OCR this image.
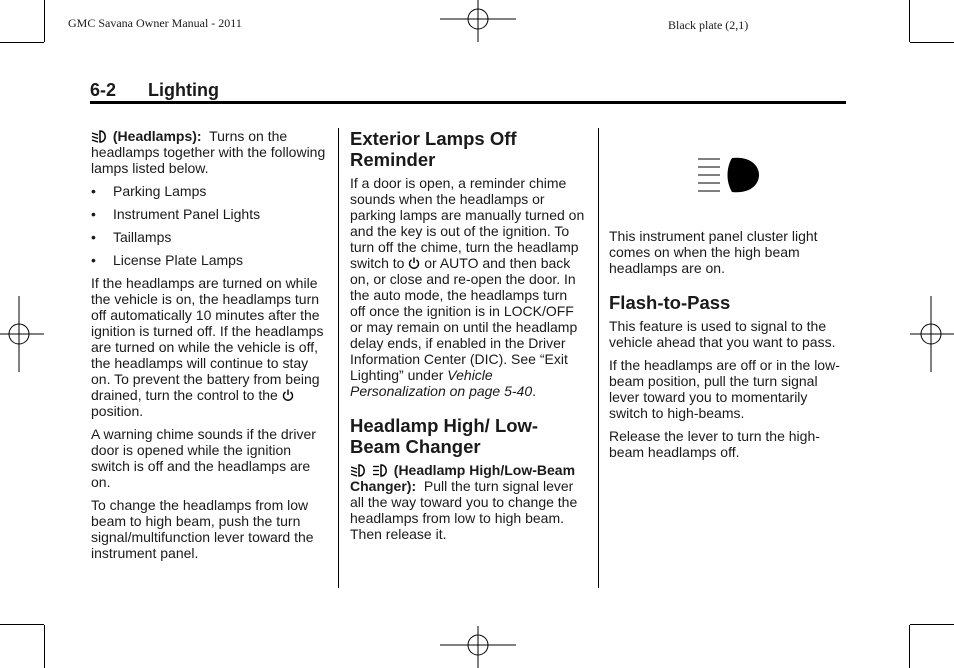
GMC Savana Owner Manual - 2011	Black plate (2,1)
6-2 Lighting

(Headlamps): Turns on the headlamps together with the following lamps listed below.

• Parking Lamps
• Instrument Panel Lights
• Taillamps
• License Plate Lamps

If the headlamps are turned on while the vehicle is on, the headlamps turn off automatically 10 minutes after the ignition is turned off. If the headlamps are turned on while the vehicle is off, the headlamps will continue to stay on. To prevent the battery from being drained, turn the control to the  position.

A warning chime sounds if the driver door is opened while the ignition switch is off and the headlamps are on.

To change the headlamps from low beam to high beam, push the turn signal/multifunction lever toward the instrument panel.

Exterior Lamps Off Reminder

If a door is open, a reminder chime sounds when the headlamps or parking lamps are manually turned on and the key is out of the ignition. To turn off the chime, turn the headlamp switch to or AUTO and then back on, or close and re-open the door. In the auto mode, the headlamps turn off once the ignition is in LOCK/OFF or may remain on until the headlamp delay ends, if enabled in the Driver Information Center (DIC). See “Exit Lighting” under Vehicle Personalization on page 5-40.

Headlamp High/ Low-Beam Changer

(Headlamp High/Low-Beam Changer): Pull the turn signal lever all the way toward you to change the headlamps from low to high beam. Then release it.

This instrument panel cluster light comes on when the high beam headlamps are on.

Flash-to-Pass

This feature is used to signal to the vehicle ahead that you want to pass.

If the headlamps are off or in the low-beam position, pull the turn signal lever toward you to momentarily switch to high-beams.

Release the lever to turn the high-beam headlamps off.
